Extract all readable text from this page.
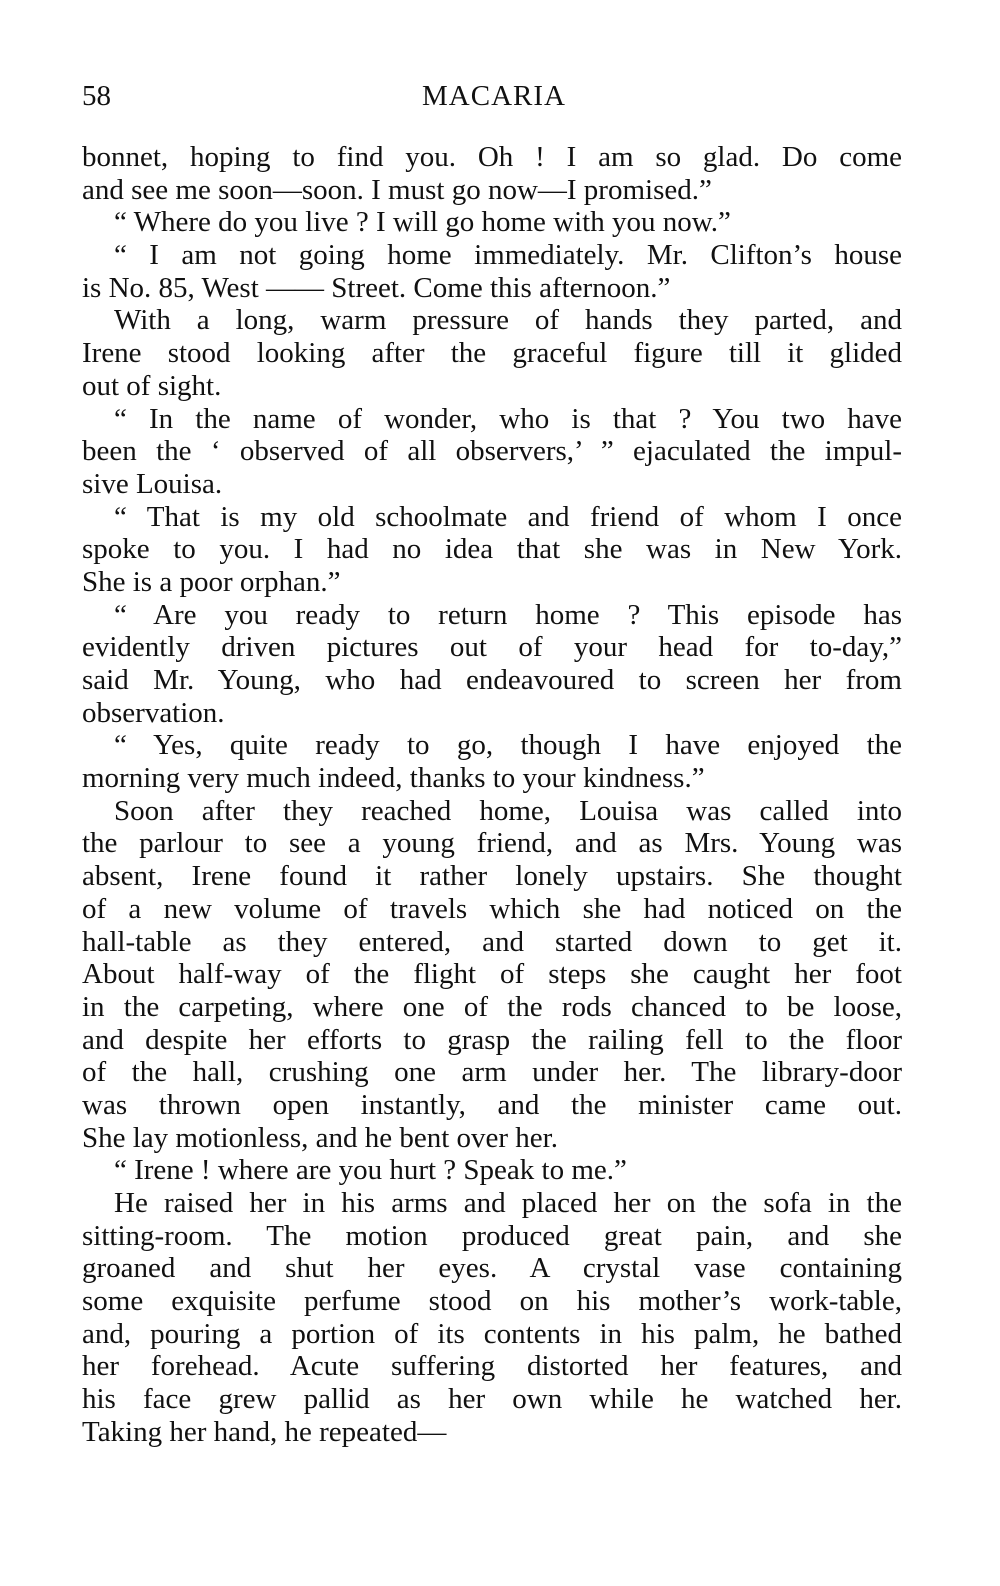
58	MACARIA
bonnet, hoping to find you. Oh ! I am so glad. Do come
and see me soon—soon. I must go now—I promised.”
“ Where do you live ? I will go home with you now.”
“ I am not going home immediately. Mr. Clifton’s house
is No. 85, West —— Street. Come this afternoon.”
With a long, warm pressure of hands they parted, and
Irene stood looking after the graceful figure till it glided
out of sight.
“ In the name of wonder, who is that ? You two have
been the ‘ observed of all observers,’ ” ejaculated the impul-
sive Louisa.
“ That is my old schoolmate and friend of whom I once
spoke to you. I had no idea that she was in New York.
She is a poor orphan.”
“ Are you ready to return home ? This episode has
evidently driven pictures out of your head for to-day,”
said Mr. Young, who had endeavoured to screen her from
observation.
“ Yes, quite ready to go, though I have enjoyed the
morning very much indeed, thanks to your kindness.”
Soon after they reached home, Louisa was called into
the parlour to see a young friend, and as Mrs. Young was
absent, Irene found it rather lonely upstairs. She thought
of a new volume of travels which she had noticed on the
hall-table as they entered, and started down to get it.
About half-way of the flight of steps she caught her foot
in the carpeting, where one of the rods chanced to be loose,
and despite her efforts to grasp the railing fell to the floor
of the hall, crushing one arm under her. The library-door
was thrown open instantly, and the minister came out.
She lay motionless, and he bent over her.
“ Irene ! where are you hurt ? Speak to me.”
He raised her in his arms and placed her on the sofa in the
sitting-room. The motion produced great pain, and she
groaned and shut her eyes. A crystal vase containing
some exquisite perfume stood on his mother’s work-table,
and, pouring a portion of its contents in his palm, he bathed
her forehead. Acute suffering distorted her features, and
his face grew pallid as her own while he watched her.
Taking her hand, he repeated—
